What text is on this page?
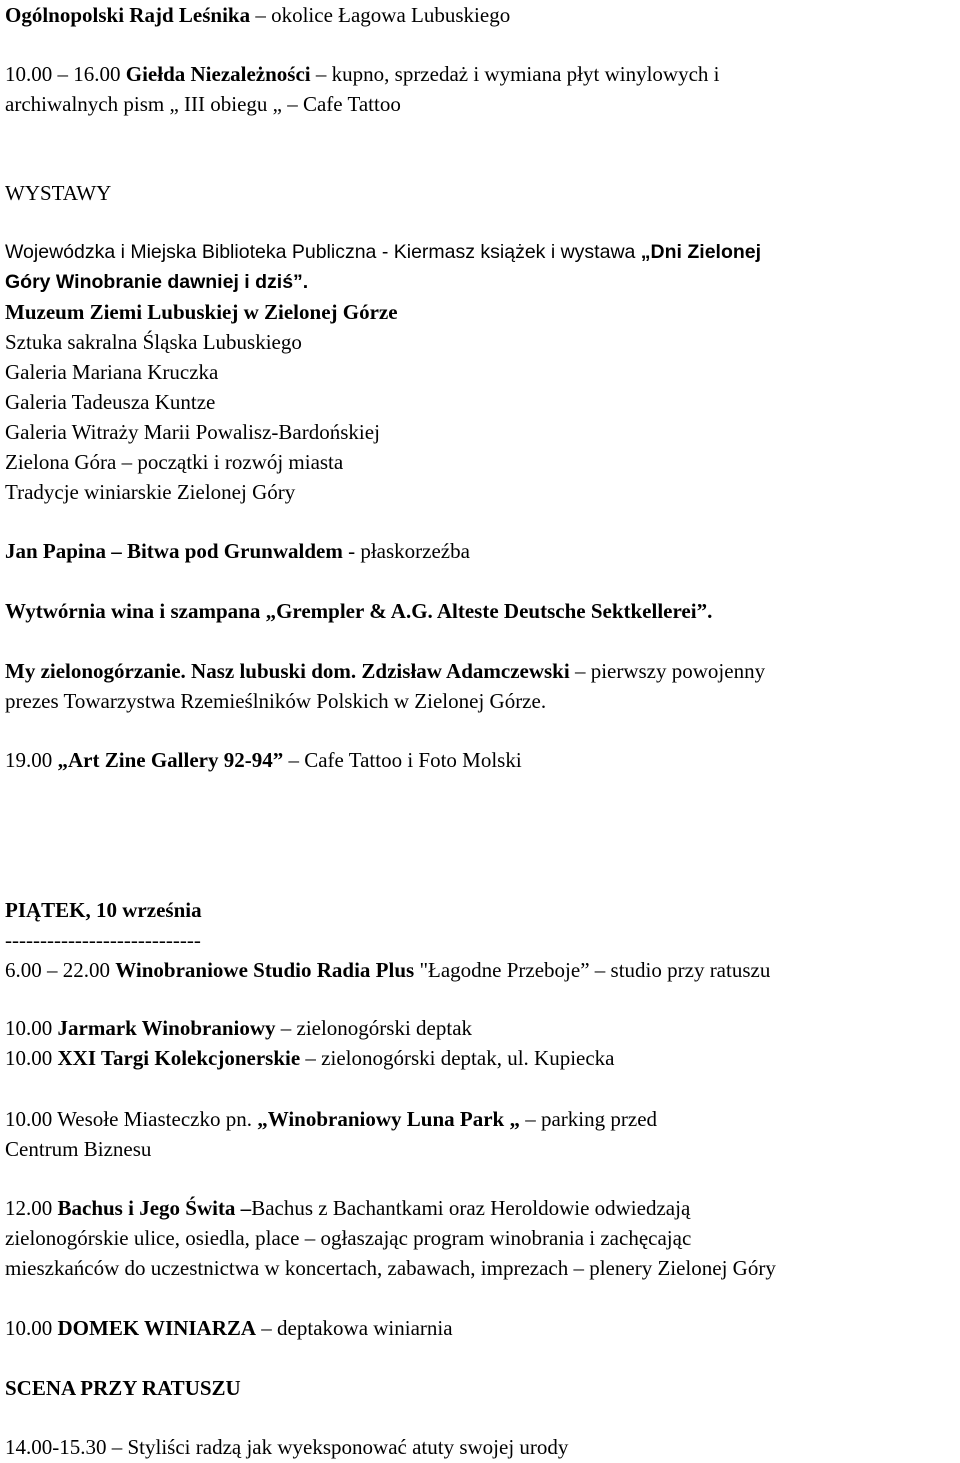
Ogólnopolski Rajd Leśnika – okolice Łagowa Lubuskiego
10.00 – 16.00 Giełda Niezależności – kupno, sprzedaż i wymiana płyt winylowych i
archiwalnych pism „ III obiegu „ – Cafe Tattoo
WYSTAWY
Wojewódzka i Miejska Biblioteka Publiczna - Kiermasz książek i wystawa „Dni Zielonej
Góry Winobranie dawniej i dziś”.
Muzeum Ziemi Lubuskiej w Zielonej Górze
Sztuka sakralna Śląska Lubuskiego
Galeria Mariana Kruczka
Galeria Tadeusza Kuntze
Galeria Witraży Marii Powalisz-Bardońskiej
Zielona Góra – początki i rozwój miasta
Tradycje winiarskie Zielonej Góry
Jan Papina – Bitwa pod Grunwaldem - płaskorzeźba
Wytwórnia wina i szampana „Grempler & A.G. Alteste Deutsche Sektkellerei”.
My zielonogórzanie. Nasz lubuski dom. Zdzisław Adamczewski – pierwszy powojenny
prezes Towarzystwa Rzemieślników Polskich w Zielonej Górze.
19.00 „Art Zine Gallery 92-94” – Cafe Tattoo i Foto Molski
PIĄTEK, 10 września
----------------------------
6.00 – 22.00 Winobraniowe Studio Radia Plus "Łagodne Przeboje” – studio przy ratuszu
10.00 Jarmark Winobraniowy – zielonogórski deptak
10.00 XXI Targi Kolekcjonerskie – zielonogórski deptak, ul. Kupiecka
10.00 Wesołe Miasteczko pn. „Winobraniowy Luna Park „ – parking przed
Centrum Biznesu
12.00 Bachus i Jego Świta –Bachus z Bachantkami oraz Heroldowie odwiedzają
zielonogórskie ulice, osiedla, place – ogłaszając program winobrania i zachęcając
mieszkańców do uczestnictwa w koncertach, zabawach, imprezach – plenery Zielonej Góry
10.00 DOMEK WINIARZA – deptakowa winiarnia
SCENA PRZY RATUSZU
14.00-15.30 – Styliści radzą jak wyeksponować atuty swojej urody
